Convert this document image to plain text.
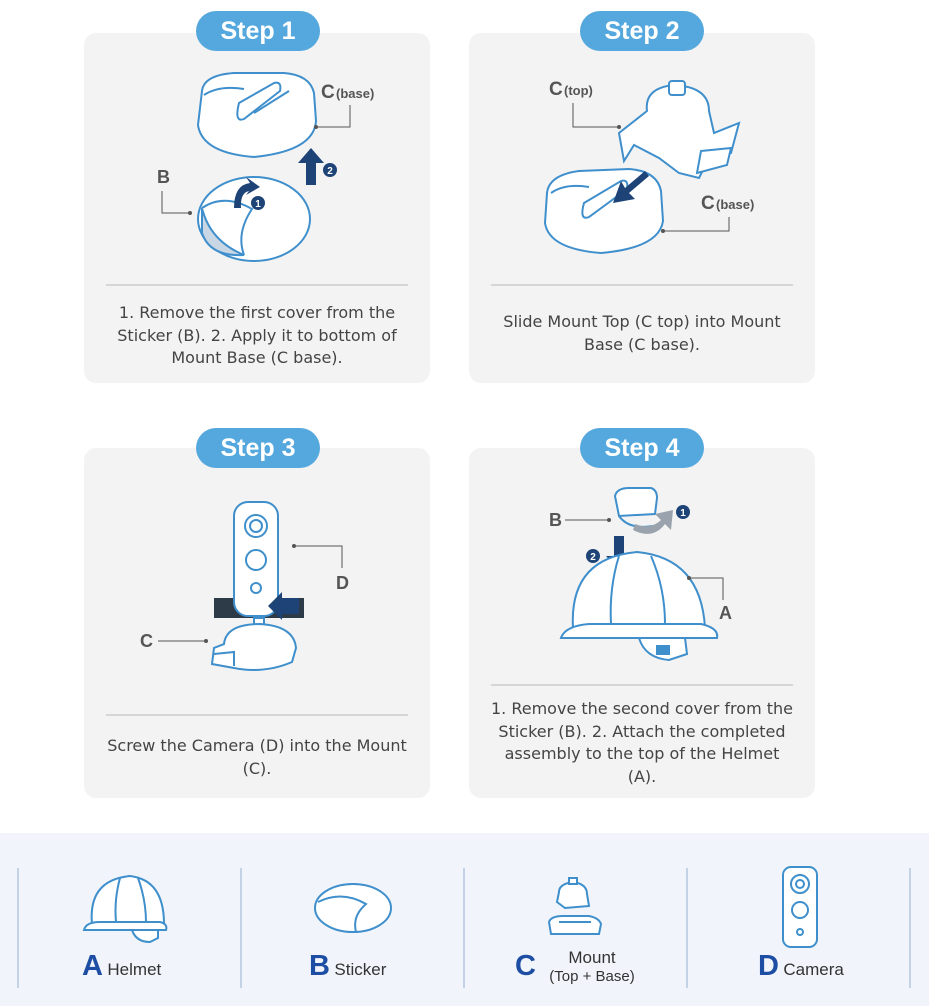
1. Remove the first cover from the Sticker (B). 2. Apply it to bottom of Mount Base (C base).
Step 1
1
2
C (base)
B
Slide Mount Top (C top) into Mount Base (C base).
Step 2
C (top)
C (base)
Screw the Camera (D) into the Mount (C).
Step 3
D
C
1. Remove the second cover from the Sticker (B). 2. Attach the completed assembly to the top of the Helmet (A).
Step 4
1
2
B
A
A Helmet	B Sticker	C	Mount
(Top + Base)	D Camera
